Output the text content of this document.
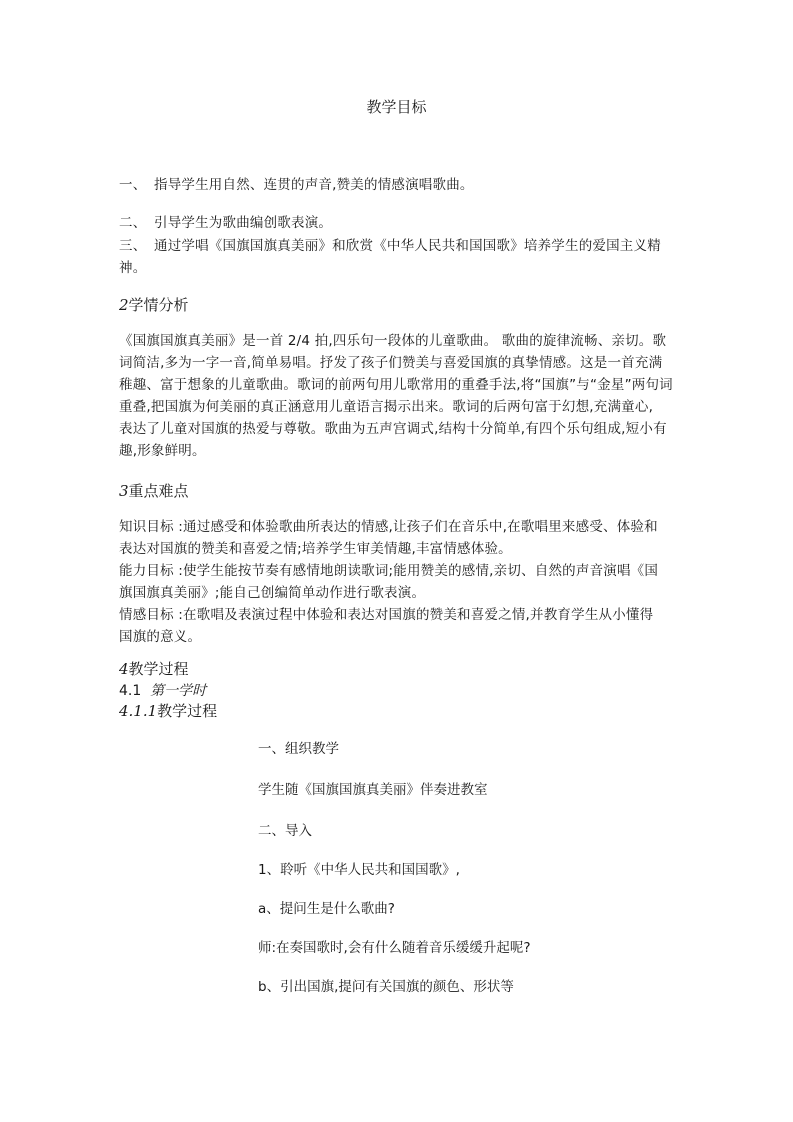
教学目标
一、 指导学生用自然、连贯的声音,赞美的情感演唱歌曲。
二、 引导学生为歌曲编创歌表演。
三、 通过学唱《国旗国旗真美丽》和欣赏《中华人民共和国国歌》培养学生的爱国主义精
神。
2学情分析
《国旗国旗真美丽》是一首 2/4 拍,四乐句一段体的儿童歌曲。 歌曲的旋律流畅、亲切。歌
词简洁,多为一字一音,简单易唱。抒发了孩子们赞美与喜爱国旗的真挚情感。这是一首充满
稚趣、富于想象的儿童歌曲。歌词的前两句用儿歌常用的重叠手法,将“国旗”与“金星”两句词
重叠,把国旗为何美丽的真正涵意用儿童语言揭示出来。歌词的后两句富于幻想,充满童心,
表达了儿童对国旗的热爱与尊敬。歌曲为五声宫调式,结构十分简单,有四个乐句组成,短小有
趣,形象鲜明。
3重点难点
知识目标 :通过感受和体验歌曲所表达的情感,让孩子们在音乐中,在歌唱里来感受、体验和
表达对国旗的赞美和喜爱之情;培养学生审美情趣,丰富情感体验。
能力目标 :使学生能按节奏有感情地朗读歌词;能用赞美的感情,亲切、自然的声音演唱《国
旗国旗真美丽》;能自己创编简单动作进行歌表演。
情感目标 :在歌唱及表演过程中体验和表达对国旗的赞美和喜爱之情,并教育学生从小懂得
国旗的意义。
4教学过程
4.1 第一学时
4.1.1教学过程
一、组织教学
学生随《国旗国旗真美丽》伴奏进教室
二、导入
1、聆听《中华人民共和国国歌》,
a、提问生是什么歌曲?
师:在奏国歌时,会有什么随着音乐缓缓升起呢?
b、引出国旗,提问有关国旗的颜色、形状等
